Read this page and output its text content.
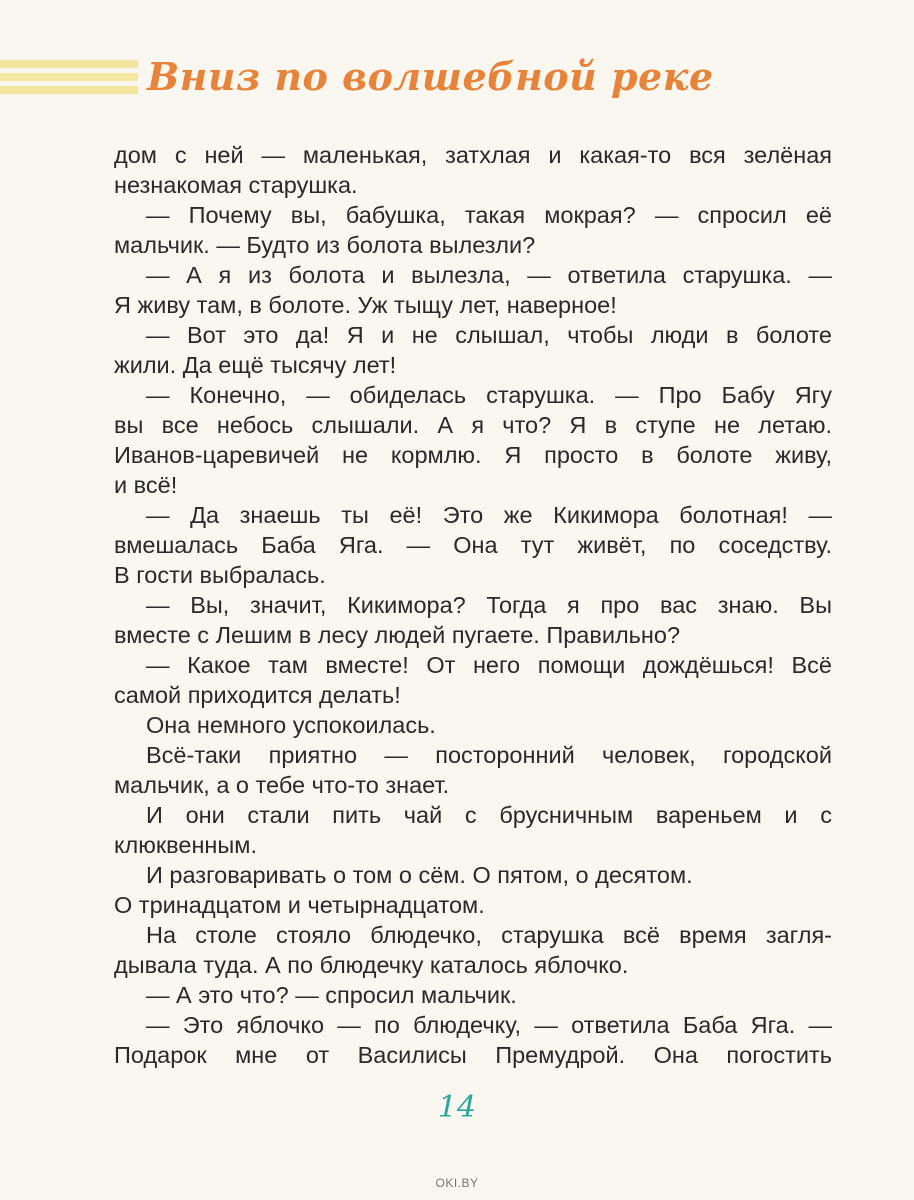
Вниз по волшебной реке
дом с ней — маленькая, затхлая и какая-то вся зелёная
незнакомая старушка.
— Почему вы, бабушка, такая мокрая? — спросил её
мальчик. — Будто из болота вылезли?
— А я из болота и вылезла, — ответила старушка. —
Я живу там, в болоте. Уж тыщу лет, наверное!
— Вот это да! Я и не слышал, чтобы люди в болоте
жили. Да ещё тысячу лет!
— Конечно, — обиделась старушка. — Про Бабу Ягу
вы все небось слышали. А я что? Я в ступе не летаю.
Иванов-царевичей не кормлю. Я просто в болоте живу,
и всё!
— Да знаешь ты её! Это же Кикимора болотная! —
вмешалась Баба Яга. — Она тут живёт, по соседству.
В гости выбралась.
— Вы, значит, Кикимора? Тогда я про вас знаю. Вы
вместе с Лешим в лесу людей пугаете. Правильно?
— Какое там вместе! От него помощи дождёшься! Всё
самой приходится делать!
Она немного успокоилась.
Всё-таки приятно — посторонний человек, городской
мальчик, а о тебе что-то знает.
И они стали пить чай с брусничным вареньем и с
клюквенным.
И разговаривать о том о сём. О пятом, о десятом.
О тринадцатом и четырнадцатом.
На столе стояло блюдечко, старушка всё время загля-
дывала туда. А по блюдечку каталось яблочко.
— А это что? — спросил мальчик.
— Это яблочко — по блюдечку, — ответила Баба Яга. —
Подарок мне от Василисы Премудрой. Она погостить
14
OKI.BY
